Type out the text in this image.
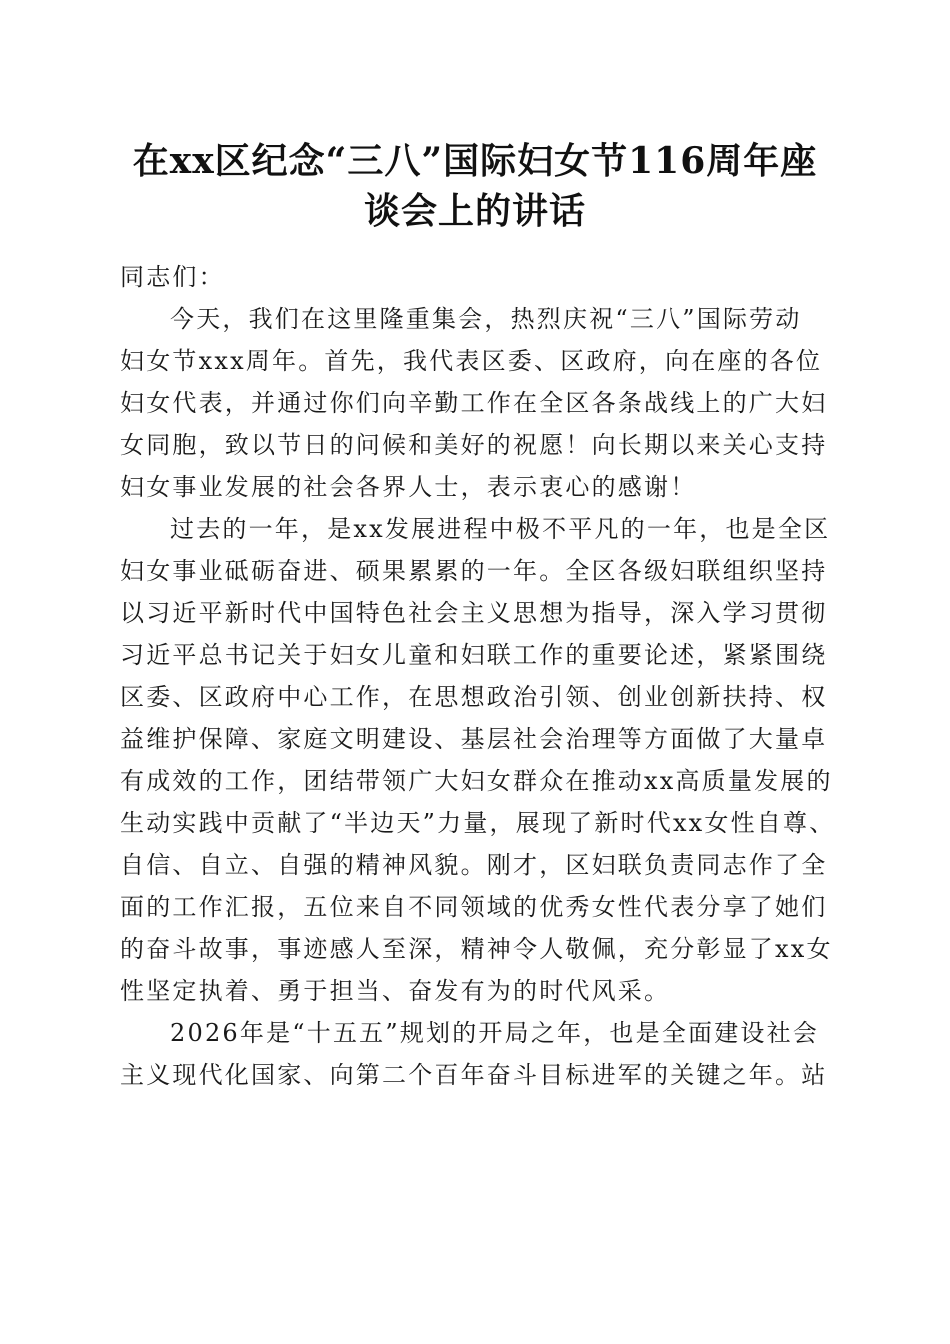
在xx区纪念“三八”国际妇女节116周年座
谈会上的讲话
同志们：
今天，我们在这里隆重集会，热烈庆祝“三八”国际劳动
妇女节xxx周年。首先，我代表区委、区政府，向在座的各位
妇女代表，并通过你们向辛勤工作在全区各条战线上的广大妇
女同胞，致以节日的问候和美好的祝愿！向长期以来关心支持
妇女事业发展的社会各界人士，表示衷心的感谢！
过去的一年，是xx发展进程中极不平凡的一年，也是全区
妇女事业砥砺奋进、硕果累累的一年。全区各级妇联组织坚持
以习近平新时代中国特色社会主义思想为指导，深入学习贯彻
习近平总书记关于妇女儿童和妇联工作的重要论述，紧紧围绕
区委、区政府中心工作，在思想政治引领、创业创新扶持、权
益维护保障、家庭文明建设、基层社会治理等方面做了大量卓
有成效的工作，团结带领广大妇女群众在推动xx高质量发展的
生动实践中贡献了“半边天”力量，展现了新时代xx女性自尊、
自信、自立、自强的精神风貌。刚才，区妇联负责同志作了全
面的工作汇报，五位来自不同领域的优秀女性代表分享了她们
的奋斗故事，事迹感人至深，精神令人敬佩，充分彰显了xx女
性坚定执着、勇于担当、奋发有为的时代风采。
2026年是“十五五”规划的开局之年，也是全面建设社会
主义现代化国家、向第二个百年奋斗目标进军的关键之年。站
